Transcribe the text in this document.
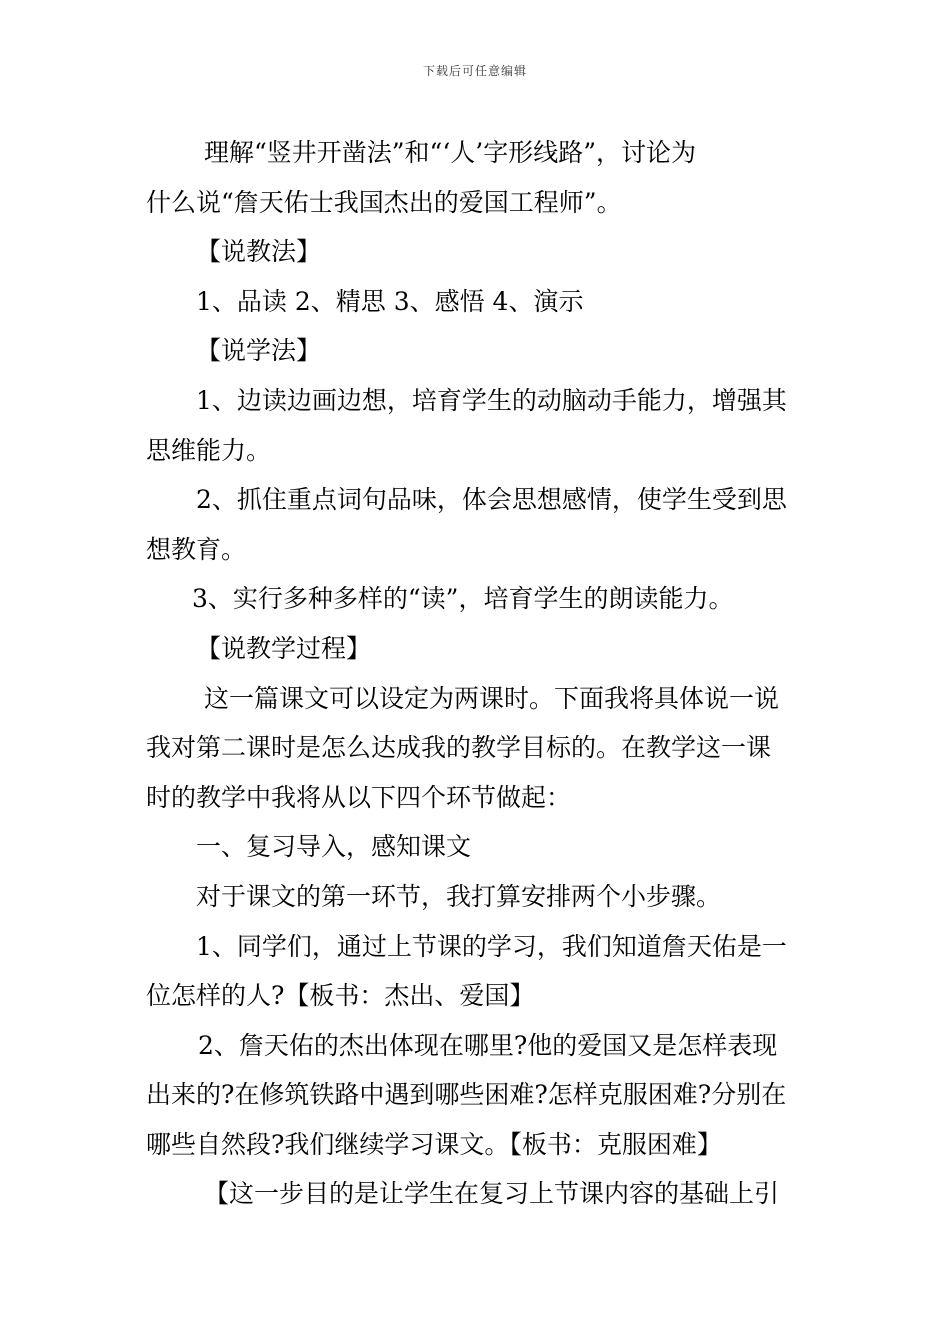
下载后可任意编辑

理解“竖井开凿法”和“‘人’字形线路”，讨论为

什么说“詹天佑士我国杰出的爱国工程师”。

【说教法】

1、品读 2、精思 3、感悟 4、演示

【说学法】

1、边读边画边想，培育学生的动脑动手能力，增强其

思维能力。

2、抓住重点词句品味，体会思想感情，使学生受到思

想教育。

3、实行多种多样的“读”，培育学生的朗读能力。

【说教学过程】

这一篇课文可以设定为两课时。下面我将具体说一说

我对第二课时是怎么达成我的教学目标的。在教学这一课

时的教学中我将从以下四个环节做起：

一、复习导入，感知课文

对于课文的第一环节，我打算安排两个小步骤。

1、同学们，通过上节课的学习，我们知道詹天佑是一

位怎样的人?【板书：杰出、爱国】

2、詹天佑的杰出体现在哪里?他的爱国又是怎样表现

出来的?在修筑铁路中遇到哪些困难?怎样克服困难?分别在

哪些自然段?我们继续学习课文。【板书：克服困难】

【这一步目的是让学生在复习上节课内容的基础上引
